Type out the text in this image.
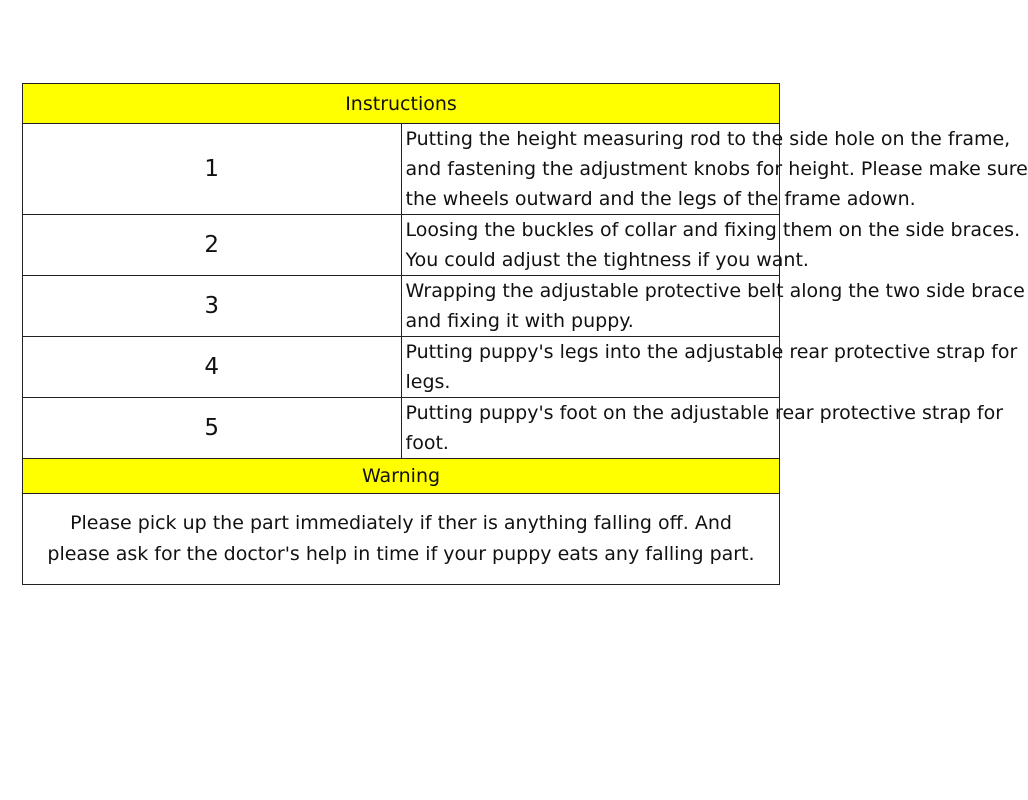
Instructions	
1	Putting the height measuring rod to the side hole on the frame,
and fastening the adjustment knobs for height. Please make sure
the wheels outward and the legs of the frame adown.

2	Loosing the buckles of collar and fixing them on the side braces.
You could adjust the tightness if you want.

3	Wrapping the adjustable protective belt along the two side brace
and fixing it with puppy.

4	Putting puppy's legs into the adjustable rear protective strap for
legs.

5	Putting puppy's foot on the adjustable rear protective strap for
foot.

Warning	

Please pick up the part immediately if ther is anything falling off. And
please ask for the doctor's help in time if your puppy eats any falling part.	
